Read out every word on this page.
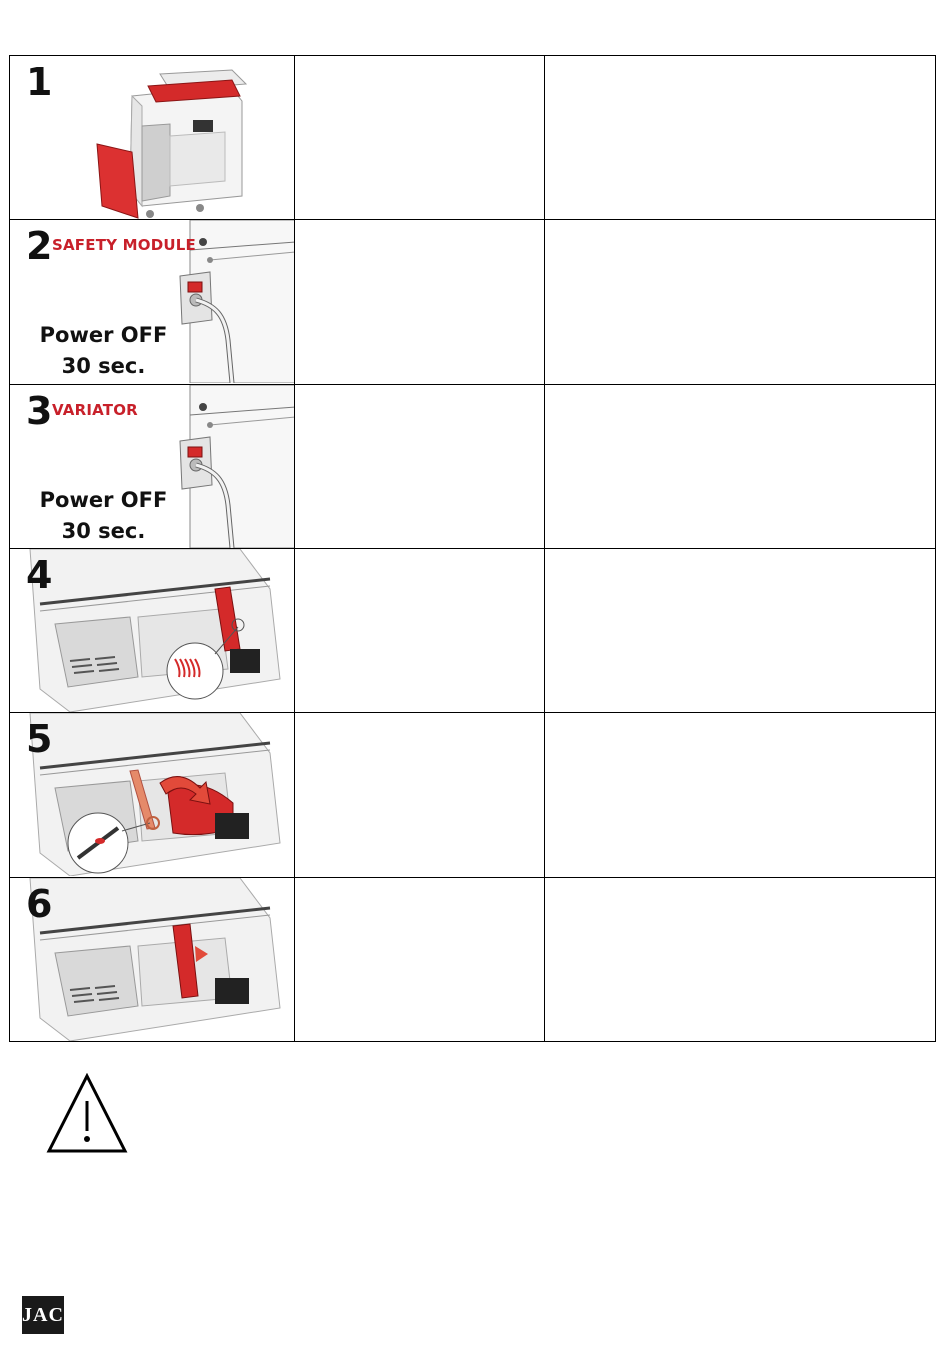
1		

2 SAFETY MODULE
Power OFF
30 sec.		

3 VARIATOR
Power OFF
30 sec.		

4		

5		

6		

JAC
